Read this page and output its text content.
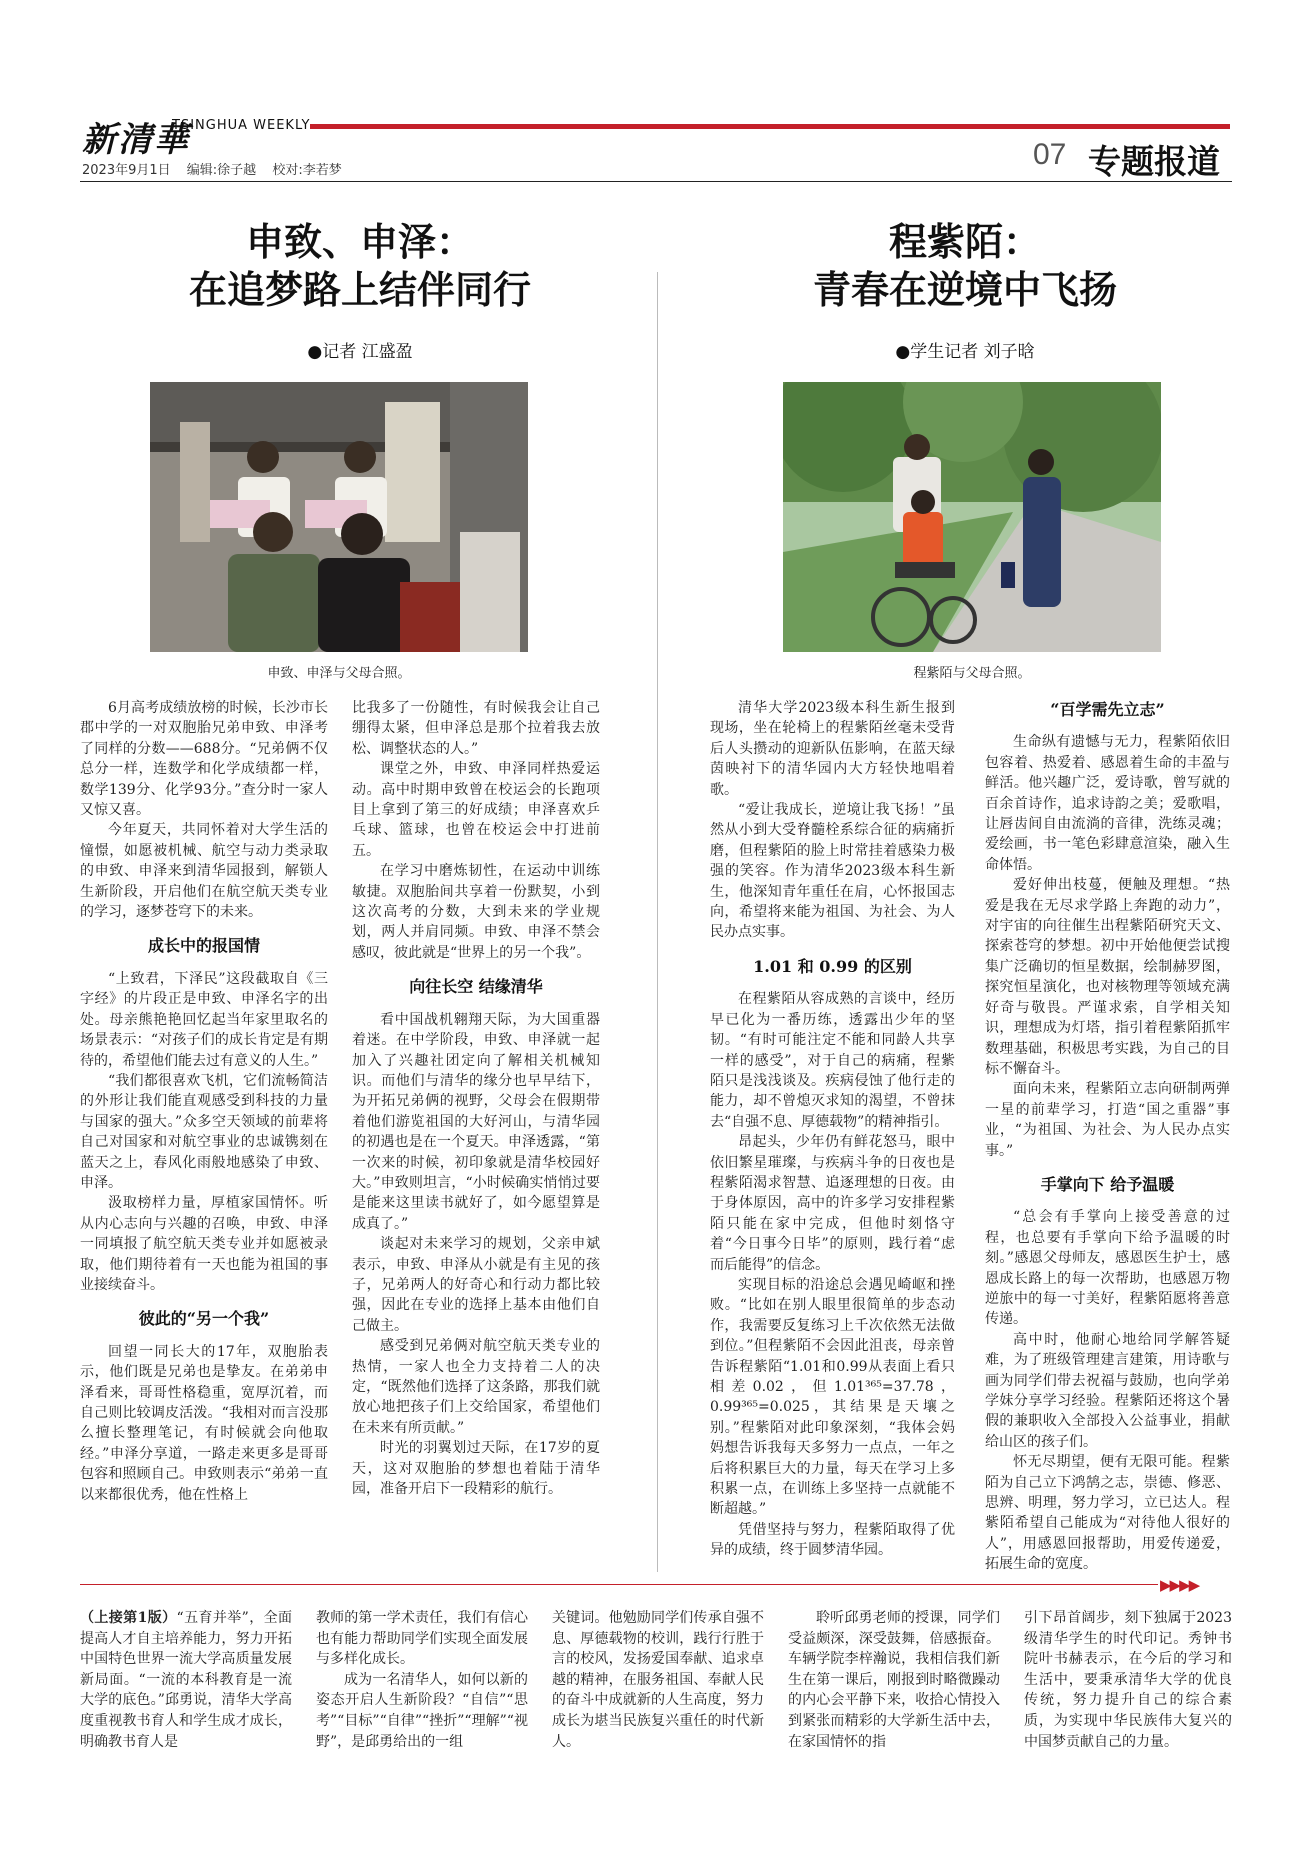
新清華
TSINGHUA WEEKLY
2023年9月1日 编辑:徐子越 校对:李若梦	07 专题报道
申致、申泽：
在追梦路上结伴同行
●记者 江盛盈
申致、申泽与父母合照。

6月高考成绩放榜的时候，长沙市长郡中学的一对双胞胎兄弟申致、申泽考了同样的分数——688分。“兄弟俩不仅总分一样，连数学和化学成绩都一样，数学139分、化学93分。”查分时一家人又惊又喜。

今年夏天，共同怀着对大学生活的憧憬，如愿被机械、航空与动力类录取的申致、申泽来到清华园报到，解锁人生新阶段，开启他们在航空航天类专业的学习，逐梦苍穹下的未来。

成长中的报国情

“上致君，下泽民”这段截取自《三字经》的片段正是申致、申泽名字的出处。母亲熊艳艳回忆起当年家里取名的场景表示：“对孩子们的成长肯定是有期待的，希望他们能去过有意义的人生。”

“我们都很喜欢飞机，它们流畅简洁的外形让我们能直观感受到科技的力量与国家的强大。”众多空天领域的前辈将自己对国家和对航空事业的忠诚镌刻在蓝天之上，春风化雨般地感染了申致、申泽。

汲取榜样力量，厚植家国情怀。听从内心志向与兴趣的召唤，申致、申泽一同填报了航空航天类专业并如愿被录取，他们期待着有一天也能为祖国的事业接续奋斗。

彼此的“另一个我”

回望一同长大的17年，双胞胎表示，他们既是兄弟也是挚友。在弟弟申泽看来，哥哥性格稳重，宽厚沉着，而自己则比较调皮活泼。“我相对而言没那么擅长整理笔记，有时候就会向他取经。”申泽分享道，一路走来更多是哥哥包容和照顾自己。申致则表示“弟弟一直以来都很优秀，他在性格上

比我多了一份随性，有时候我会让自己绷得太紧，但申泽总是那个拉着我去放松、调整状态的人。”

课堂之外，申致、申泽同样热爱运动。高中时期申致曾在校运会的长跑项目上拿到了第三的好成绩；申泽喜欢乒乓球、篮球，也曾在校运会中打进前五。

在学习中磨炼韧性，在运动中训练敏捷。双胞胎间共享着一份默契，小到这次高考的分数，大到未来的学业规划，两人并肩同频。申致、申泽不禁会感叹，彼此就是“世界上的另一个我”。

向往长空 结缘清华

看中国战机翱翔天际，为大国重器着迷。在中学阶段，申致、申泽就一起加入了兴趣社团定向了解相关机械知识。而他们与清华的缘分也早早结下，为开拓兄弟俩的视野，父母会在假期带着他们游览祖国的大好河山，与清华园的初遇也是在一个夏天。申泽透露，“第一次来的时候，初印象就是清华校园好大。”申致则坦言，“小时候确实悄悄过要是能来这里读书就好了，如今愿望算是成真了。”

谈起对未来学习的规划，父亲申斌表示，申致、申泽从小就是有主见的孩子，兄弟两人的好奇心和行动力都比较强，因此在专业的选择上基本由他们自己做主。

感受到兄弟俩对航空航天类专业的热情，一家人也全力支持着二人的决定，“既然他们选择了这条路，那我们就放心地把孩子们上交给国家，希望他们在未来有所贡献。”

时光的羽翼划过天际，在17岁的夏天，这对双胞胎的梦想也着陆于清华园，准备开启下一段精彩的航行。

程紫陌：
青春在逆境中飞扬
●学生记者 刘子晗
程紫陌与父母合照。

清华大学2023级本科生新生报到现场，坐在轮椅上的程紫陌丝毫未受背后人头攒动的迎新队伍影响，在蓝天绿茵映衬下的清华园内大方轻快地唱着歌。

“爱让我成长，逆境让我飞扬！”虽然从小到大受脊髓栓系综合征的病痛折磨，但程紫陌的脸上时常挂着感染力极强的笑容。作为清华2023级本科生新生，他深知青年重任在肩，心怀报国志向，希望将来能为祖国、为社会、为人民办点实事。

1.01 和 0.99 的区别

在程紫陌从容成熟的言谈中，经历早已化为一番历练，透露出少年的坚韧。“有时可能注定不能和同龄人共享一样的感受”，对于自己的病痛，程紫陌只是浅浅谈及。疾病侵蚀了他行走的能力，却不曾熄灭求知的渴望，不曾抹去“自强不息、厚德载物”的精神指引。

昂起头，少年仍有鲜花怒马，眼中依旧繁星璀璨，与疾病斗争的日夜也是程紫陌渴求智慧、追逐理想的日夜。由于身体原因，高中的许多学习安排程紫陌只能在家中完成，但他时刻恪守着“今日事今日毕”的原则，践行着“虑而后能得”的信念。

实现目标的沿途总会遇见崎岖和挫败。“比如在别人眼里很简单的步态动作，我需要反复练习上千次依然无法做到位。”但程紫陌不会因此沮丧，母亲曾告诉程紫陌“1.01和0.99从表面上看只相差0.02，但1.01³⁶⁵=37.78，0.99³⁶⁵=0.025，其结果是天壤之别。”程紫陌对此印象深刻，“我体会妈妈想告诉我每天多努力一点点，一年之后将积累巨大的力量，每天在学习上多积累一点，在训练上多坚持一点就能不断超越。”

凭借坚持与努力，程紫陌取得了优异的成绩，终于圆梦清华园。

“百学需先立志”

生命纵有遗憾与无力，程紫陌依旧包容着、热爱着、感恩着生命的丰盈与鲜活。他兴趣广泛，爱诗歌，曾写就的百余首诗作，追求诗韵之美；爱歌唱，让唇齿间自由流淌的音律，洗练灵魂；爱绘画，书一笔色彩肆意渲染，融入生命体悟。

爱好伸出枝蔓，便触及理想。“热爱是我在无尽求学路上奔跑的动力”，对宇宙的向往催生出程紫陌研究天文、探索苍穹的梦想。初中开始他便尝试搜集广泛确切的恒星数据，绘制赫罗图，探究恒星演化，也对核物理等领域充满好奇与敬畏。严谨求索，自学相关知识，理想成为灯塔，指引着程紫陌抓牢数理基础，积极思考实践，为自己的目标不懈奋斗。

面向未来，程紫陌立志向研制两弹一星的前辈学习，打造“国之重器”事业，“为祖国、为社会、为人民办点实事。”

手掌向下 给予温暖

“总会有手掌向上接受善意的过程，也总要有手掌向下给予温暖的时刻。”感恩父母师友，感恩医生护士，感恩成长路上的每一次帮助，也感恩万物逆旅中的每一寸美好，程紫陌愿将善意传递。

高中时，他耐心地给同学解答疑难，为了班级管理建言建策，用诗歌与画为同学们带去祝福与鼓励，也向学弟学妹分享学习经验。程紫陌还将这个暑假的兼职收入全部投入公益事业，捐献给山区的孩子们。

怀无尽期望，便有无限可能。程紫陌为自己立下鸿鹄之志，崇德、修恶、思辨、明理，努力学习，立已达人。程紫陌希望自己能成为“对待他人很好的人”，用感恩回报帮助，用爱传递爱，拓展生命的宽度。

▶▶▶▶

（上接第1版）“五育并举”，全面提高人才自主培养能力，努力开拓中国特色世界一流大学高质量发展新局面。“一流的本科教育是一流大学的底色。”邱勇说，清华大学高度重视教书育人和学生成才成长，明确教书育人是

教师的第一学术责任，我们有信心也有能力帮助同学们实现全面发展与多样化成长。

成为一名清华人，如何以新的姿态开启人生新阶段？“自信”“思考”“目标”“自律”“挫折”“理解”“视野”，是邱勇给出的一组

关键词。他勉励同学们传承自强不息、厚德载物的校训，践行行胜于言的校风，发扬爱国奉献、追求卓越的精神，在服务祖国、奉献人民的奋斗中成就新的人生高度，努力成长为堪当民族复兴重任的时代新人。

聆听邱勇老师的授课，同学们受益颇深，深受鼓舞，倍感振奋。车辆学院李梓瀚说，我相信我们新生在第一课后，刚报到时略微躁动的内心会平静下来，收拾心情投入到紧张而精彩的大学新生活中去，在家国情怀的指

引下昂首阔步，刻下独属于2023级清华学生的时代印记。秀钟书院叶书赫表示，在今后的学习和生活中，要秉承清华大学的优良传统，努力提升自己的综合素质，为实现中华民族伟大复兴的中国梦贡献自己的力量。
